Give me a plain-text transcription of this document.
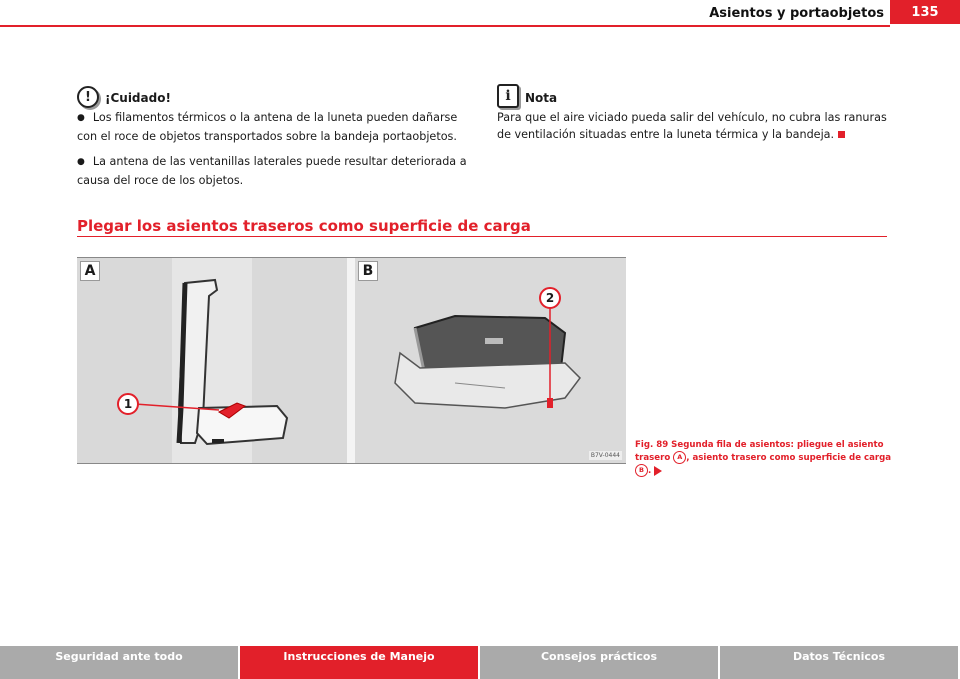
Asientos y portaobjetos	135
!	¡Cuidado!

● Los filamentos térmicos o la antena de la luneta pueden dañarse con el roce de objetos transportados sobre la bandeja portaobjetos.

● La antena de las ventanillas laterales puede resultar deteriorada a causa del roce de los objetos.

i	Nota

Para que el aire viciado pueda salir del vehículo, no cubra las ranuras de ventilación situadas entre la luneta térmica y la bandeja.

Plegar los asientos traseros como superficie de carga
A
1
B
2
B7V-0444
Fig. 89 Segunda fila de asientos: pliegue el asiento
trasero A , asiento trasero como superficie de carga B .
Seguridad ante todo	Instrucciones de Manejo	Consejos prácticos	Datos Técnicos
